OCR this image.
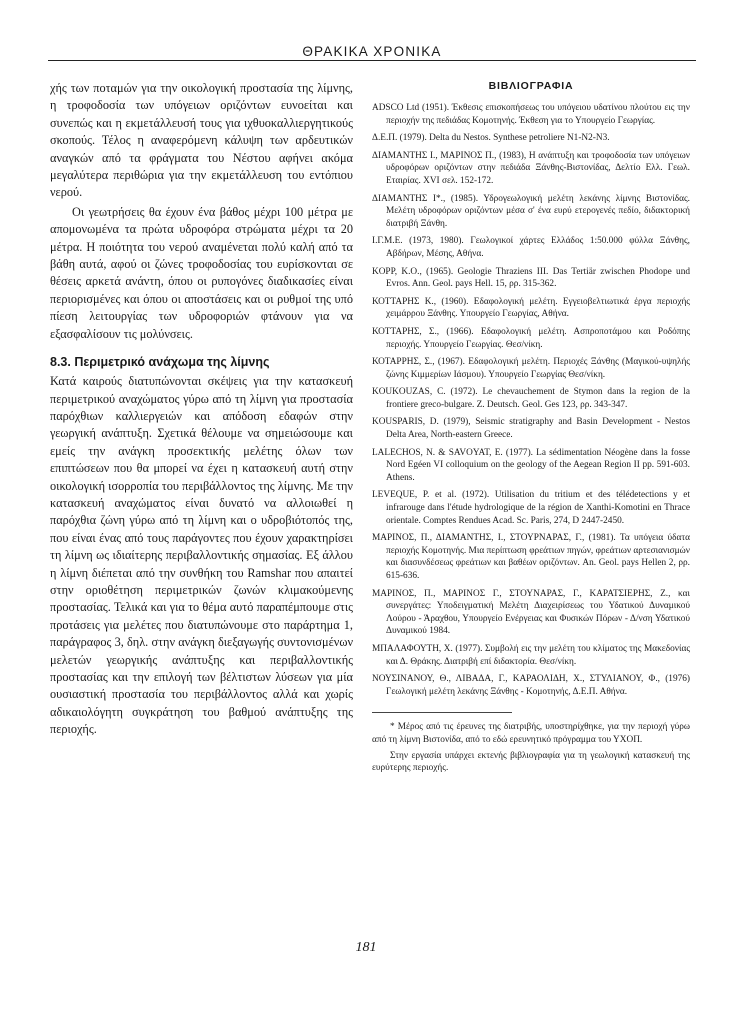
ΘΡΑΚΙΚΑ ΧΡΟΝΙΚΑ

χής των ποταμών για την οικολογική προστασία της λίμνης, η τροφοδοσία των υπόγειων οριζόντων ευνοείται και συνεπώς και η εκμετάλλευσή τους για ιχθυοκαλλιεργητικούς σκοπούς. Τέλος η αναφερόμενη κάλυψη των αρδευτικών αναγκών από τα φράγματα του Νέστου αφήνει ακόμα μεγαλύτερα περιθώρια για την εκμετάλλευση του εντόπιου νερού.

Οι γεωτρήσεις θα έχουν ένα βάθος μέχρι 100 μέτρα με απομονωμένα τα πρώτα υδροφόρα στρώματα μέχρι τα 20 μέτρα. Η ποιότητα του νερού αναμένεται πολύ καλή από τα βάθη αυτά, αφού οι ζώνες τροφοδοσίας του ευρίσκονται σε θέσεις αρκετά ανάντη, όπου οι ρυπογόνες διαδικασίες είναι περιορισμένες και όπου οι αποστάσεις και οι ρυθμοί της υπό πίεση λειτουργίας των υδροφοριών φτάνουν για να εξασφαλίσουν τις μολύνσεις.

8.3. Περιμετρικό ανάχωμα της λίμνης

Κατά καιρούς διατυπώνονται σκέψεις για την κατασκευή περιμετρικού αναχώματος γύρω από τη λίμνη για προστασία παρόχθιων καλλιεργειών και απόδοση εδαφών στην γεωργική ανάπτυξη. Σχετικά θέλουμε να σημειώσουμε και εμείς την ανάγκη προσεκτικής μελέτης όλων των επιπτώσεων που θα μπορεί να έχει η κατασκευή αυτή στην οικολογική ισορροπία του περιβάλλοντος της λίμνης. Με την κατασκευή αναχώματος είναι δυνατό να αλλοιωθεί η παρόχθια ζώνη γύρω από τη λίμνη και ο υδροβιότοπός της, που είναι ένας από τους παράγοντες που έχουν χαρακτηρίσει τη λίμνη ως ιδιαίτερης περιβαλλοντικής σημασίας. Εξ άλλου η λίμνη διέπεται από την συνθήκη του Ramshar που απαιτεί στην οριοθέτηση περιμετρικών ζωνών κλιμακούμενης προστασίας. Τελικά και για το θέμα αυτό παραπέμπουμε στις προτάσεις για μελέτες που διατυπώνουμε στο παράρτημα 1, παράγραφος 3, δηλ. στην ανάγκη διεξαγωγής συντονισμένων μελετών γεωργικής ανάπτυξης και περιβαλλοντικής προστασίας και την επιλογή των βέλτιστων λύσεων για μία ουσιαστική προστασία του περιβάλλοντος αλλά και χωρίς αδικαιολόγητη συγκράτηση του βαθμού ανάπτυξης της περιοχής.

ΒΙΒΛΙΟΓΡΑΦΙΑ

ADSCO Ltd (1951). Έκθεσις επισκοπήσεως του υπόγειου υδατίνου πλούτου εις την περιοχήν της πεδιάδας Κομοτηνής. Έκθεση για το Υπουργείο Γεωργίας.

Δ.Ε.Π. (1979). Delta du Nestos. Synthese petroliere N1-N2-N3.

ΔΙΑΜΑΝΤΗΣ Ι., ΜΑΡΙΝΟΣ Π., (1983), Η ανάπτυξη και τροφοδοσία των υπόγειων υδροφόρων οριζόντων στην πεδιάδα Ξάνθης-Βιστονίδας, Δελτίο Ελλ. Γεωλ. Εταιρίας. XVI σελ. 152-172.

ΔΙΑΜΑΝΤΗΣ Ι*., (1985). Υδρογεωλογική μελέτη λεκάνης λίμνης Βιστονίδας. Μελέτη υδροφόρων οριζόντων μέσα σ' ένα ευρύ ετερογενές πεδίο, διδακτορική διατριβή Ξάνθη.

Ι.Γ.Μ.Ε. (1973, 1980). Γεωλογικοί χάρτες Ελλάδος 1:50.000 φύλλα Ξάνθης, Αβδήρων, Μέσης, Αθήνα.

KOPP, K.O., (1965). Geologie Thraziens III. Das Tertiär zwischen Phodope und Evros. Ann. Geol. pays Hell. 15, ρρ. 315-362.

ΚΟΤΤΑΡΗΣ Κ., (1960). Εδαφολογική μελέτη. Εγγειοβελτιωτικά έργα περιοχής χειμάρρου Ξάνθης. Υπουργείο Γεωργίας, Αθήνα.

ΚΟΤΤΑΡΗΣ, Σ., (1966). Εδαφολογική μελέτη. Ασπροποτάμου και Ροδόπης περιοχής. Υπουργείο Γεωργίας. Θεσ/νίκη.

ΚΟΤΑΡΡΗΣ, Σ., (1967). Εδαφολογική μελέτη. Περιοχές Ξάνθης (Μαγικού-υψηλής ζώνης Κιμμερίων Ιάσμου). Υπουργείο Γεωργίας Θεσ/νίκη.

KOUKOUZAS, C. (1972). Le chevauchement de Stymon dans la region de la frontiere greco-bulgare. Z. Deutsch. Geol. Ges 123, ρρ. 343-347.

KOUSPARIS, D. (1979), Seismic stratigraphy and Basin Development - Nestos Delta Area, North-eastern Greece.

LALECHOS, N. & SAVOYAT, E. (1977). La sédimentation Néogène dans la fosse Nord Egéen VI colloquium on the geology of the Aegean Region II pp. 591-603. Athens.

LEVEQUE, P. et al. (1972). Utilisation du tritium et des télédetections y et infrarouge dans l'étude hydrologique de la région de Xanthi-Komotini en Thrace orientale. Comptes Rendues Acad. Sc. Paris, 274, D 2447-2450.

ΜΑΡΙΝΟΣ, Π., ΔΙΑΜΑΝΤΗΣ, Ι., ΣΤΟΥΡΝΑΡΑΣ, Γ., (1981). Τα υπόγεια ύδατα περιοχής Κομοτηνής. Μια περίπτωση φρεάτιων πηγών, φρεάτιων αρτεσιανισμών και διασυνδέσεως φρεάτιων και βαθέων οριζόντων. An. Geol. pays Hellen 2, ρρ. 615-636.

ΜΑΡΙΝΟΣ, Π., ΜΑΡΙΝΟΣ Γ., ΣΤΟΥΝΑΡΑΣ, Γ., ΚΑΡΑΤΣΙΕΡΗΣ, Ζ., και συνεργάτες: Υποδειγματική Μελέτη Διαχειρίσεως του Υδατικού Δυναμικού Λούρου - Άραχθου, Υπουργείο Ενέργειας και Φυσικών Πόρων - Δ/νση Υδατικού Δυναμικού 1984.

ΜΠΑΛΑΦΟΥΤΗ, Χ. (1977). Συμβολή εις την μελέτη του κλίματος της Μακεδονίας και Δ. Θράκης. Διατριβή επί διδακτορία. Θεσ/νίκη.

ΝΟΥΣΙΝΑΝΟΥ, Θ., ΛΙΒΑΔΑ, Γ., ΚΑΡΑΟΛΙΔΗ, Χ., ΣΤΥΛΙΑΝΟΥ, Φ., (1976) Γεωλογική μελέτη λεκάνης Ξάνθης - Κομοτηνής, Δ.Ε.Π. Αθήνα.

* Μέρος από τις έρευνες της διατριβής, υποστηρίχθηκε, για την περιοχή γύρω από τη λίμνη Βιστονίδα, από το εδώ ερευνητικό πρόγραμμα του ΥΧΟΠ.

Στην εργασία υπάρχει εκτενής βιβλιογραφία για τη γεωλογική κατασκευή της ευρύτερης περιοχής.

181
